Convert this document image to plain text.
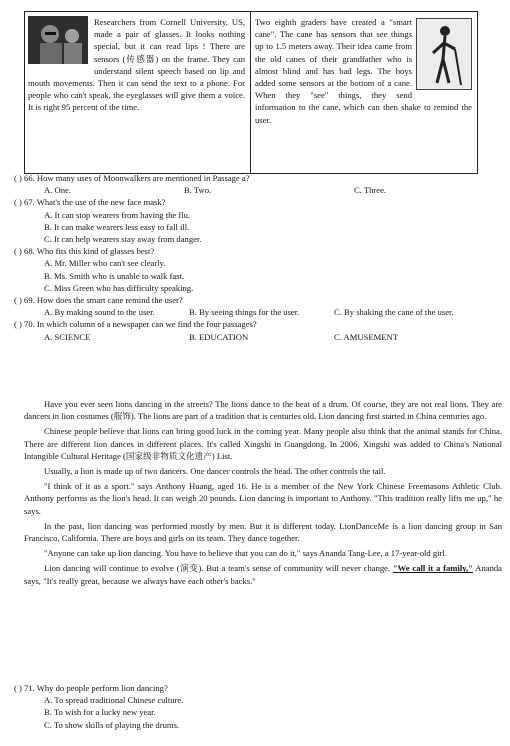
Researchers from Cornell University, US, made a pair of glasses. It looks nothing special, but it can read lips ! There are sensors (传感器) on the frame. They can understand silent speech based on lip and mouth movements. Then it can send the text to a phone. For people who can't speak, the eyeglasses will give them a voice. It is right 95 percent of the time.

Two eighth graders have created a "smart cane". The cane has sensors that see things up to 1.5 meters away. Their idea came from the old canes of their grandfather who is almost blind and has bad legs. The boys added some sensors at the bottom of a cane. When they "see" things, they send information to the cane, which can then shake to remind the user.

( ) 66. How many uses of Moonwalkers are mentioned in Passage a?

A. One.	B. Two.	C. Three.

( ) 67. What's the use of the new face mask?

A. It can stop wearers from having the flu.

B. It can make wearers less easy to fall ill.

C. It can help wearers stay away from danger.

( ) 68. Who fits this kind of glasses best?

A. Mr. Miller who can't see clearly.

B. Ms. Smith who is unable to walk fast.

C. Miss Green who has difficulty speaking.

( ) 69. How does the smart cane remind the user?

A. By making sound to the user.	B. By seeing things for the user.	C. By shaking the cane of the user.

( ) 70. In which column of a newspaper can we find the four passages?

A. SCIENCE	B. EDUCATION	C. AMUSEMENT

Have you ever seen lions dancing in the streets? The lions dance to the beat of a drum. Of course, they are not real lions. They are dancers in lion costumes (服饰). The lions are part of a tradition that is centuries old. Lion dancing first started in China centuries ago.

Chinese people believe that lions can bring good luck in the coming year. Many people also think that the animal stands for China. There are different lion dances in different places. It's called Xingshi in Guangdong. In 2006, Xingshi was added to China's National Intangible Cultural Heritage (国家级非物质文化遗产) List.

Usually, a lion is made up of two dancers. One dancer controls the head. The other controls the tail.

"I think of it as a sport." says Anthony Huang, aged 16. He is a member of the New York Chinese Freemasons Athletic Club. Anthony performs as the lion's head. It can weigh 20 pounds. Lion dancing is important to Anthony. "This tradition really lifts me up," he says.

In the past, lion dancing was performed mostly by men. But it is different today. LionDanceMe is a lion dancing group in San Francisco, California. There are boys and girls on its team. They dance together.

"Anyone can take up lion dancing. You have to believe that you can do it," says Ananda Tang-Lee, a 17-year-old girl.

Lion dancing will continue to evolve (演变). But a team's sense of community will never change. "We call it a family," Ananda says, "It's really great, because we always have each other's backs."

( ) 71. Why do people perform lion dancing?

A. To spread traditional Chinese culture.

B. To wish for a lucky new year.

C. To show skills of playing the drums.
